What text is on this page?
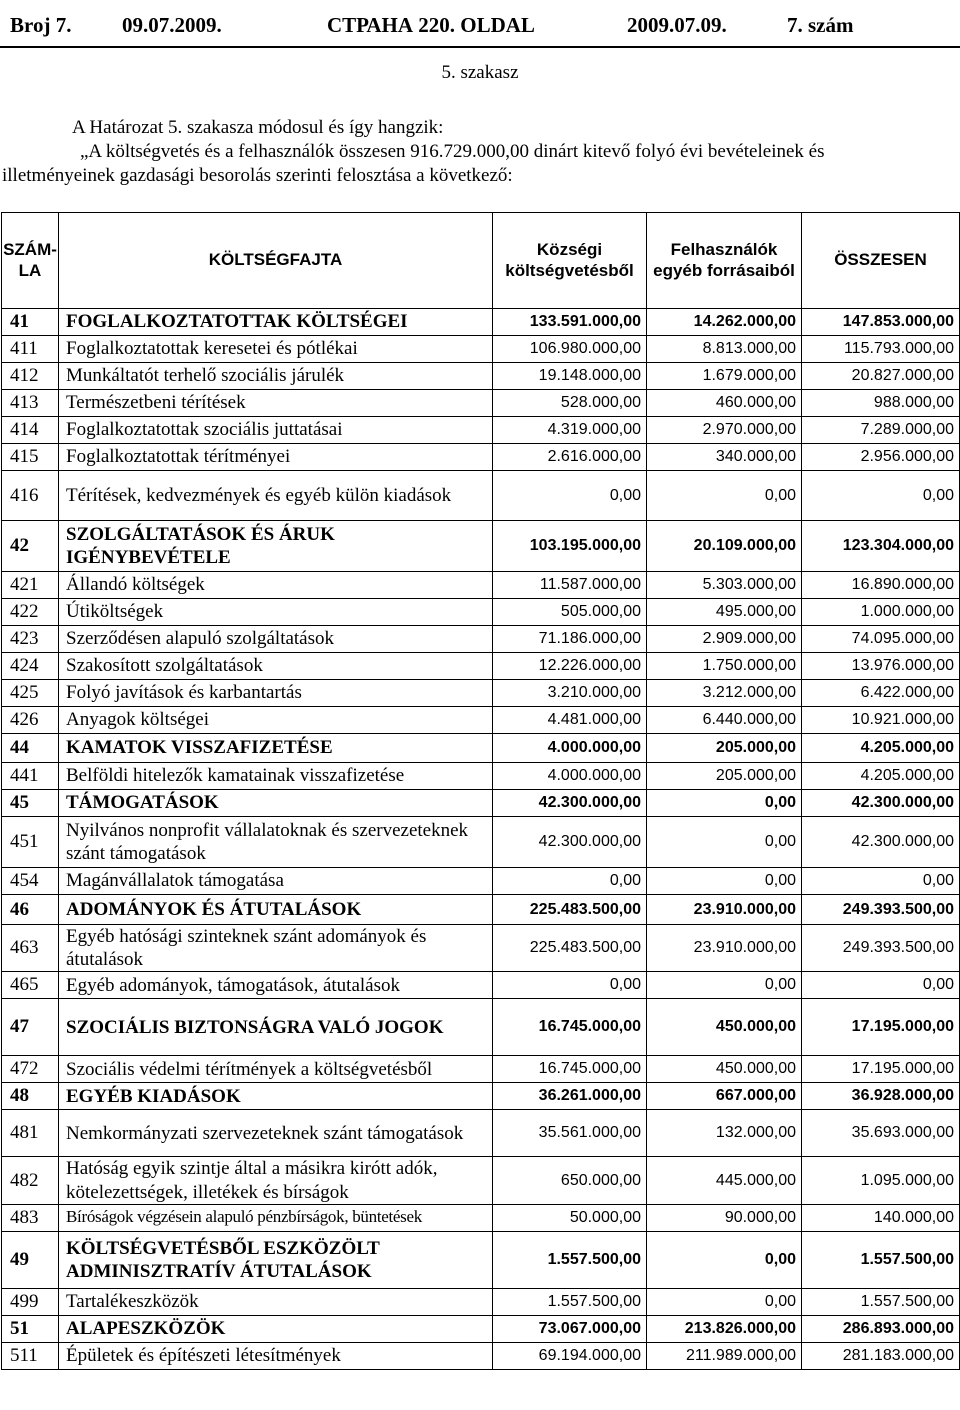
Broj 7.	09.07.2009.	СТРАНА 220. OLDAL	2009.07.09.	7. szám
5. szakasz
A Határozat 5. szakasza módosul és így hangzik:
„A költségvetés és a felhasználók összesen 916.729.000,00 dinárt kitevő folyó évi bevételeinek és
illetményeinek gazdasági besorolás szerinti felosztása a következő:
SZÁM-LA	KÖLTSÉGFAJTA	Községi költségvetésből	Felhasználók egyéb forrásaiból	ÖSSZESEN
41	FOGLALKOZTATOTTAK KÖLTSÉGEI	133.591.000,00	14.262.000,00	147.853.000,00
411	Foglalkoztatottak keresetei és pótlékai	106.980.000,00	8.813.000,00	115.793.000,00
412	Munkáltatót terhelő szociális járulék	19.148.000,00	1.679.000,00	20.827.000,00
413	Természetbeni térítések	528.000,00	460.000,00	988.000,00
414	Foglalkoztatottak szociális juttatásai	4.319.000,00	2.970.000,00	7.289.000,00
415	Foglalkoztatottak térítményei	2.616.000,00	340.000,00	2.956.000,00
416	Térítések, kedvezmények és egyéb külön kiadások	0,00	0,00	0,00
42	SZOLGÁLTATÁSOK ÉS ÁRUK IGÉNYBEVÉTELE	103.195.000,00	20.109.000,00	123.304.000,00
421	Állandó költségek	11.587.000,00	5.303.000,00	16.890.000,00
422	Útiköltségek	505.000,00	495.000,00	1.000.000,00
423	Szerződésen alapuló szolgáltatások	71.186.000,00	2.909.000,00	74.095.000,00
424	Szakosított szolgáltatások	12.226.000,00	1.750.000,00	13.976.000,00
425	Folyó javítások és karbantartás	3.210.000,00	3.212.000,00	6.422.000,00
426	Anyagok költségei	4.481.000,00	6.440.000,00	10.921.000,00
44	KAMATOK VISSZAFIZETÉSE	4.000.000,00	205.000,00	4.205.000,00
441	Belföldi hitelezők kamatainak visszafizetése	4.000.000,00	205.000,00	4.205.000,00
45	TÁMOGATÁSOK	42.300.000,00	0,00	42.300.000,00
451	Nyilvános nonprofit vállalatoknak és szervezeteknek szánt támogatások	42.300.000,00	0,00	42.300.000,00
454	Magánvállalatok támogatása	0,00	0,00	0,00
46	ADOMÁNYOK ÉS ÁTUTALÁSOK	225.483.500,00	23.910.000,00	249.393.500,00
463	Egyéb hatósági szinteknek szánt adományok és átutalások	225.483.500,00	23.910.000,00	249.393.500,00
465	Egyéb adományok, támogatások, átutalások	0,00	0,00	0,00
47	SZOCIÁLIS BIZTONSÁGRA VALÓ JOGOK	16.745.000,00	450.000,00	17.195.000,00
472	Szociális védelmi térítmények a költségvetésből	16.745.000,00	450.000,00	17.195.000,00
48	EGYÉB KIADÁSOK	36.261.000,00	667.000,00	36.928.000,00
481	Nemkormányzati szervezeteknek szánt támogatások	35.561.000,00	132.000,00	35.693.000,00
482	Hatóság egyik szintje által a másikra kirótt adók, kötelezettségek, illetékek és bírságok	650.000,00	445.000,00	1.095.000,00
483	Bíróságok végzésein alapuló pénzbírságok, büntetések	50.000,00	90.000,00	140.000,00
49	KÖLTSÉGVETÉSBŐL ESZKÖZÖLT ADMINISZTRATÍV ÁTUTALÁSOK	1.557.500,00	0,00	1.557.500,00
499	Tartalékeszközök	1.557.500,00	0,00	1.557.500,00
51	ALAPESZKÖZÖK	73.067.000,00	213.826.000,00	286.893.000,00
511	Épületek és építészeti létesítmények	69.194.000,00	211.989.000,00	281.183.000,00
